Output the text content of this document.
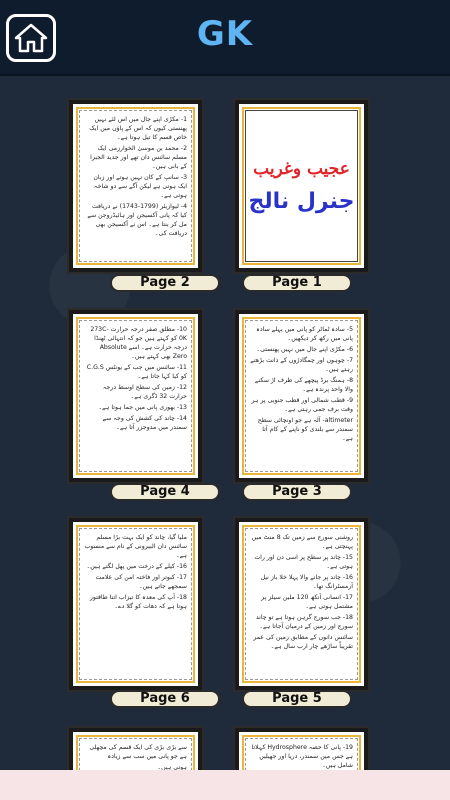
GK
عجیب وغریب
جنرل نالج
Page 1

1- مکڑی اپنے جال میں اس لئے نہیں پھنستی کیوں کہ اس کے پاؤں میں ایک خاص قسم کا تیل ہوتا ہے۔

2- محمد بن موسیٰ الخوارزمی ایک مسلم سائنس دان تھے اور جدید الجبرا کے بانی ہیں۔

3- سانپ کے کان نہیں ہوتے اور زبان ایک ہوتی ہے لیکن آگے سے دو شاخہ ہوتی ہے۔

4- لیوازیئر (1799-1743) نے دریافت کیا کہ پانی آکسیجن اور ہائیڈروجن سے مل کر بنتا ہے۔ اس نے آکسیجن بھی دریافت کی۔

Page 2

5- سادہ ٹماٹر کو پانی میں پہلے سادہ پانی میں رکھ کر دیکھیں۔

6- مکڑی اپنے جال میں نہیں پھنستی۔

7- چوہوں اور چمگادڑوں کے دانت بڑھتے رہتے ہیں۔

8- ہمنگ برڈ پیچھے کی طرف اڑ سکنے والا واحد پرندہ ہے۔

9- قطب شمالی اور قطب جنوبی پر ہر وقت برف جمی رہتی ہے۔

altimeter- آلہ ہے جو اونچائی سطح سمندر سے بلندی کو ناپنے کے کام آتا ہے۔

Page 3

10- مطلق صفر درجہ حرارت 273C-0K کو کہتے ہیں جو کہ انتہائی ٹھنڈا درجہ حرارت ہے۔ اسے Absolute Zero بھی کہتے ہیں۔

11- سائنس میں جب کے یونٹس C.G.S کو کیا کہا جاتا ہے۔

12- زمین کی سطح اوسط درجہ حرارت 32 ڈگری ہے۔

13- بھوری پانی میں جما ہوتا ہے۔

14- چاند کی کشش کی وجہ سے سمندر میں مدوجزر آتا ہے۔

Page 4

روشنی سورج سے زمین تک 8 منٹ میں پہنچتی ہے۔

15- چاند پر سطح پر اسی دن اور رات ہوتی ہے۔

16- چاند پر جانے والا پہلا خلا باز نیل آرمسٹرانگ تھا۔

17- انسانی آنکھ 120 ملین سیلز پر مشتمل ہوتی ہے۔

18- جب سورج گرہن ہوتا ہے تو چاند سورج اور زمین کے درمیان آجاتا ہے۔

سائنس دانوں کے مطابق زمین کی عمر تقریباً ساڑھے چار ارب سال ہے۔

Page 5

ملیا گیا، چاند کو ایک بہت بڑا مسلم سائنس دان البیرونی کے نام سے منسوب ہے۔

16- کیلے کے درخت میں پھل لگتے ہیں۔

17- کبوتر اور فاختہ امن کی علامت سمجھے جاتے ہیں۔

18- آپ کی معدہ کا تیزاب اتنا طاقتور ہوتا ہے کہ دھات کو گلا دے۔

Page 6

19- پانی کا حصہ Hydrosphere کہلاتا ہے جس میں سمندر، دریا اور جھیلیں شامل ہیں۔

سے بڑی بڑی کی ایک قسم کی مچھلی ہے جو پانی میں سب سے زیادہ

ہوتی ہیں۔
